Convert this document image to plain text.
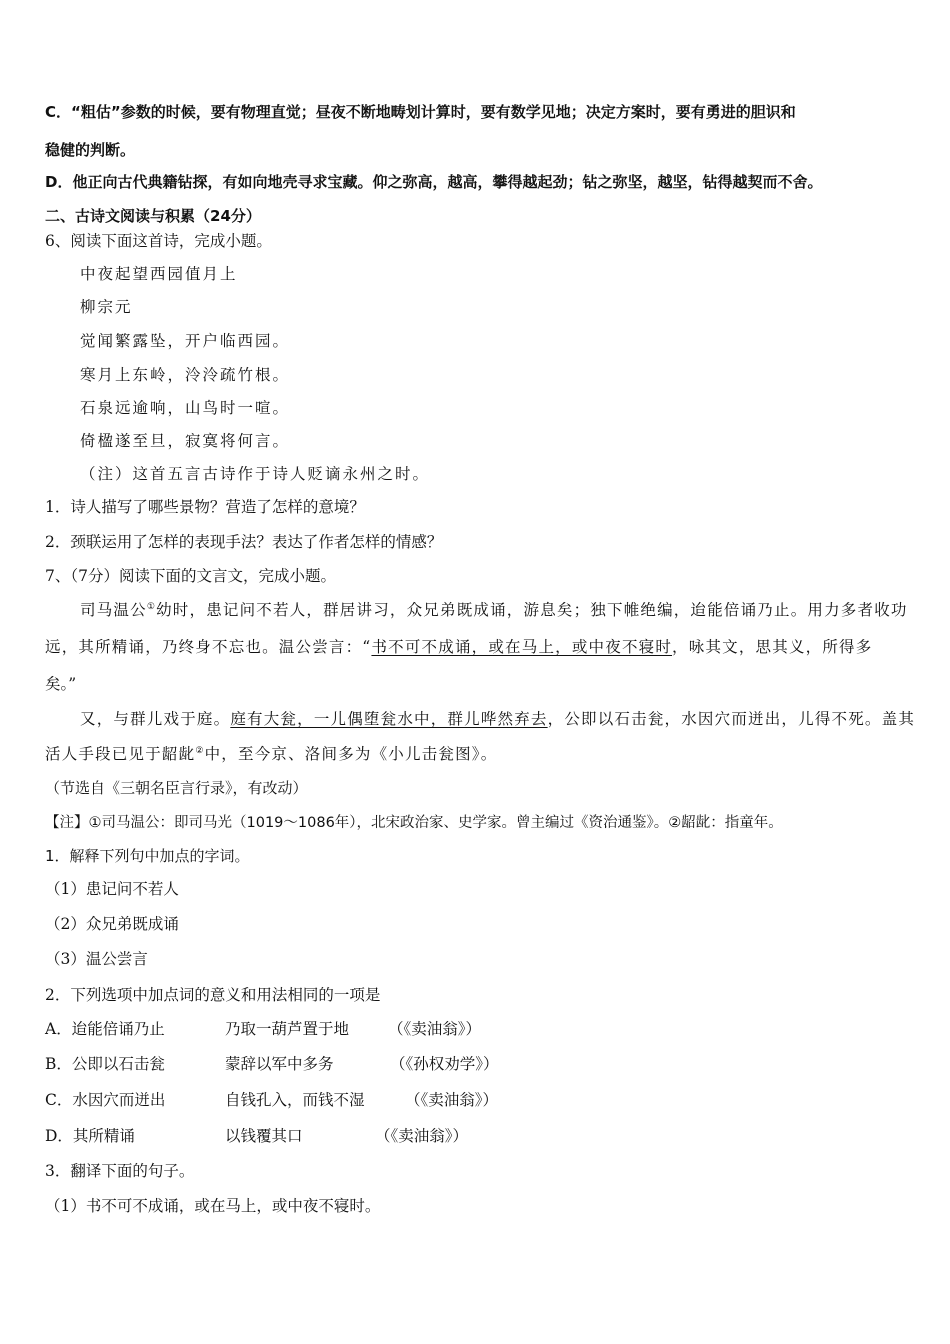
C．“粗估”参数的时候，要有物理直觉；昼夜不断地畴划计算时，要有数学见地；决定方案时，要有勇进的胆识和
稳健的判断。
D．他正向古代典籍钻探，有如向地壳寻求宝藏。仰之弥高，越高，攀得越起劲；钻之弥坚，越坚，钻得越契而不舍。
二、古诗文阅读与积累（24分）
6、阅读下面这首诗，完成小题。
中夜起望西园值月上
柳宗元
觉闻繁露坠，开户临西园。
寒月上东岭，泠泠疏竹根。
石泉远逾响，山鸟时一喧。
倚楹遂至旦，寂寞将何言。
（注）这首五言古诗作于诗人贬谪永州之时。
1．诗人描写了哪些景物？营造了怎样的意境？
2．颈联运用了怎样的表现手法？表达了作者怎样的情感？
7、（7分）阅读下面的文言文，完成小题。
司马温公①幼时，患记问不若人，群居讲习，众兄弟既成诵，游息矣；独下帷绝编，迨能倍诵乃止。用力多者收功
远，其所精诵，乃终身不忘也。温公尝言：“书不可不成诵，或在马上，或中夜不寝时，咏其文，思其义，所得多
矣。”
又，与群儿戏于庭。庭有大瓮，一儿偶堕瓮水中，群儿哗然弃去，公即以石击瓮，水因穴而迸出，儿得不死。盖其
活人手段已见于龆龀②中，至今京、洛间多为《小儿击瓮图》。
（节选自《三朝名臣言行录》，有改动）
【注】①司马温公：即司马光（1019～1086年），北宋政治家、史学家。曾主编过《资治通鉴》。②龆龀：指童年。
1．解释下列句中加点的字词。
（1）患记问不若人
（2）众兄弟既成诵
（3）温公尝言
2．下列选项中加点词的意义和用法相同的一项是
A．迨能倍诵乃止	乃取一葫芦置于地	（《卖油翁》）
B．公即以石击瓮	蒙辞以军中多务	（《孙权劝学》）
C．水因穴而迸出	自钱孔入，而钱不湿	（《卖油翁》）
D．其所精诵	以钱覆其口	（《卖油翁》）
3．翻译下面的句子。
（1）书不可不成诵，或在马上，或中夜不寝时。
